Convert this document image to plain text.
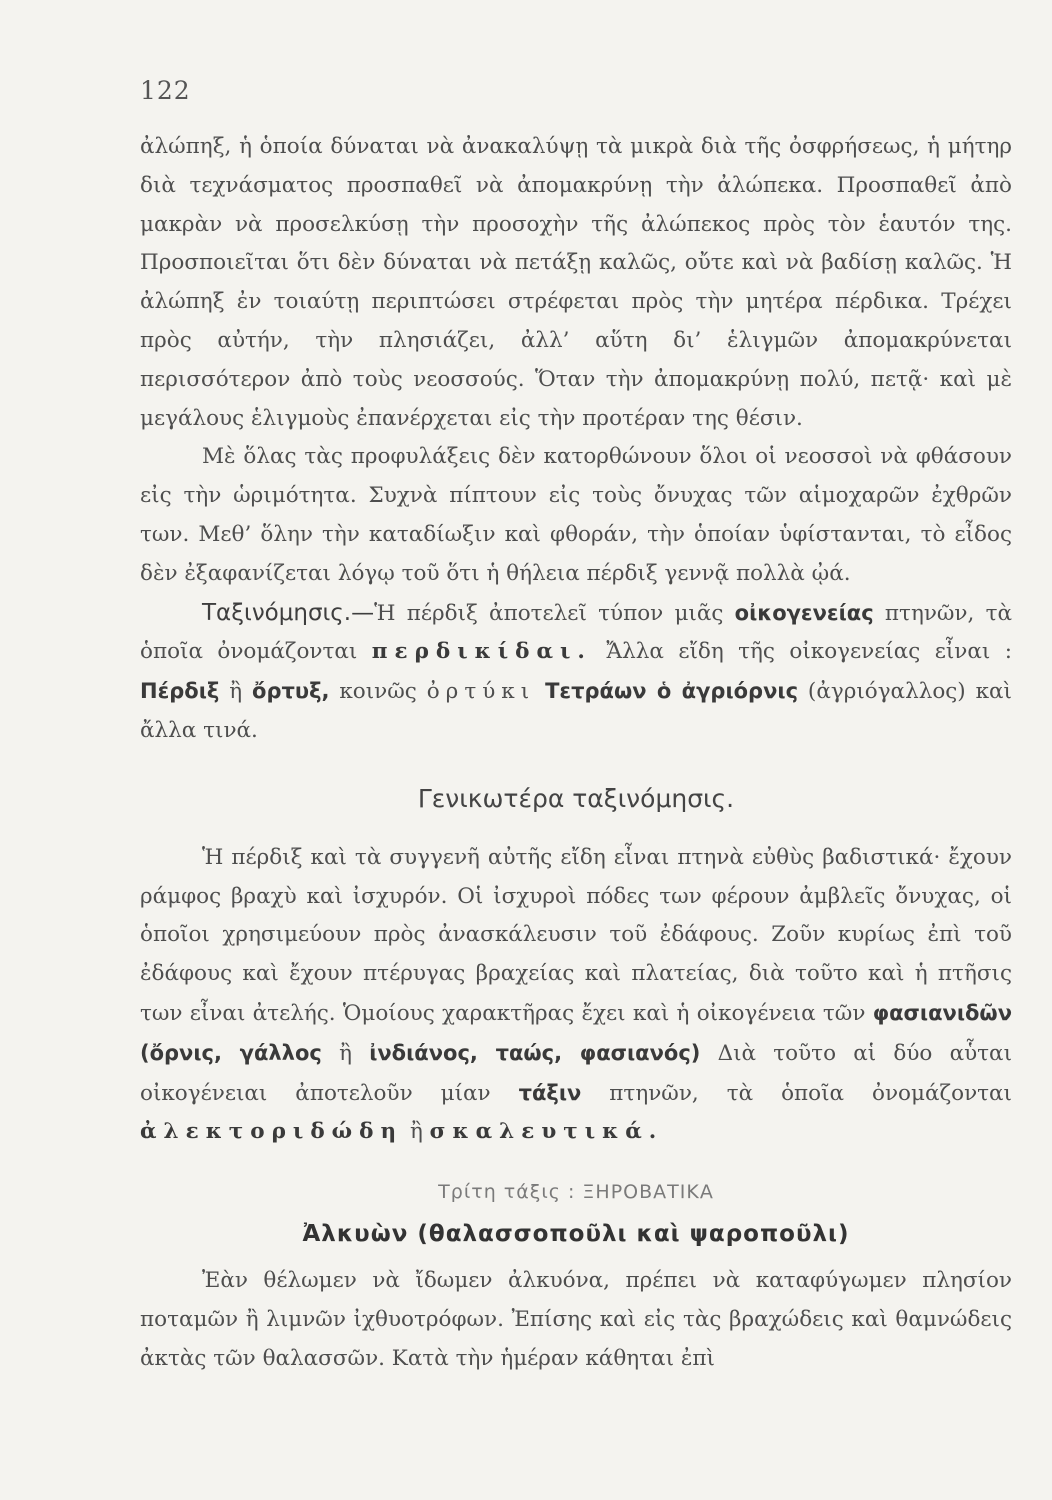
122

ἀλώπηξ, ἡ ὁποία δύναται νὰ ἀνακαλύψῃ τὰ μικρὰ διὰ τῆς ὀσφρήσεως, ἡ μήτηρ διὰ τεχνάσματος προσπαθεῖ νὰ ἀπομακρύνῃ τὴν ἀλώπεκα. Προσπαθεῖ ἀπὸ μακρὰν νὰ προσελκύσῃ τὴν προσοχὴν τῆς ἀλώπεκος πρὸς τὸν ἑαυτόν της. Προσποιεῖται ὅτι δὲν δύναται νὰ πετάξῃ καλῶς, οὔτε καὶ νὰ βαδίσῃ καλῶς. Ἡ ἀλώπηξ ἐν τοιαύτῃ περιπτώσει στρέφεται πρὸς τὴν μητέρα πέρδικα. Τρέχει πρὸς αὐτήν, τὴν πλησιάζει, ἀλλ’ αὕτη δι’ ἑλιγμῶν ἀπομακρύνεται περισσότερον ἀπὸ τοὺς νεοσσούς. Ὅταν τὴν ἀπομακρύνῃ πολύ, πετᾷ· καὶ μὲ μεγάλους ἑλιγμοὺς ἐπανέρχεται εἰς τὴν προτέραν της θέσιν.

Μὲ ὅλας τὰς προφυλάξεις δὲν κατορθώνουν ὅλοι οἱ νεοσσοὶ νὰ φθάσουν εἰς τὴν ὡριμότητα. Συχνὰ πίπτουν εἰς τοὺς ὄνυχας τῶν αἱμοχαρῶν ἐχθρῶν των. Μεθ’ ὅλην τὴν καταδίωξιν καὶ φθοράν, τὴν ὁποίαν ὑφίστανται, τὸ εἶδος δὲν ἐξαφανίζεται λόγῳ τοῦ ὅτι ἡ θήλεια πέρδιξ γεννᾷ πολλὰ ᾠά.

Ταξινόμησις.—Ἡ πέρδιξ ἀποτελεῖ τύπον μιᾶς οἰκογενείας πτηνῶν, τὰ ὁποῖα ὀνομάζονται περδικίδαι. Ἄλλα εἴδη τῆς οἰκογενείας εἶναι : Πέρδιξ ἢ ὄρτυξ, κοινῶς ὀρτύκι Τετράων ὁ ἀγριόρνις (ἀγριόγαλλος) καὶ ἄλλα τινά.

Γενικωτέρα ταξινόμησις.

Ἡ πέρδιξ καὶ τὰ συγγενῆ αὐτῆς εἴδη εἶναι πτηνὰ εὐθὺς βαδιστικά· ἔχουν ράμφος βραχὺ καὶ ἰσχυρόν. Οἱ ἰσχυροὶ πόδες των φέρουν ἀμβλεῖς ὄνυχας, οἱ ὁποῖοι χρησιμεύουν πρὸς ἀνασκάλευσιν τοῦ ἐδάφους. Ζοῦν κυρίως ἐπὶ τοῦ ἐδάφους καὶ ἔχουν πτέρυγας βραχείας καὶ πλατείας, διὰ τοῦτο καὶ ἡ πτῆσις των εἶναι ἀτελής. Ὁμοίους χαρακτῆρας ἔχει καὶ ἡ οἰκογένεια τῶν φασιανιδῶν (ὄρνις, γάλλος ἢ ἰνδιάνος, ταώς, φασιανός) Διὰ τοῦτο αἱ δύο αὗται οἰκογένειαι ἀποτελοῦν μίαν τάξιν πτηνῶν, τὰ ὁποῖα ὀνομάζονται ἀλεκτοριδώδη ἢ σκαλευτικά.

Τρίτη τάξις : ΞΗΡΟΒΑΤΙΚΑ
Ἀλκυὼν (θαλασσοποῦλι καὶ ψαροποῦλι)

Ἐὰν θέλωμεν νὰ ἴδωμεν ἀλκυόνα, πρέπει νὰ καταφύγωμεν πλησίον ποταμῶν ἢ λιμνῶν ἰχθυοτρόφων. Ἐπίσης καὶ εἰς τὰς βραχώδεις καὶ θαμνώδεις ἀκτὰς τῶν θαλασσῶν. Κατὰ τὴν ἡμέραν κάθηται ἐπὶ
